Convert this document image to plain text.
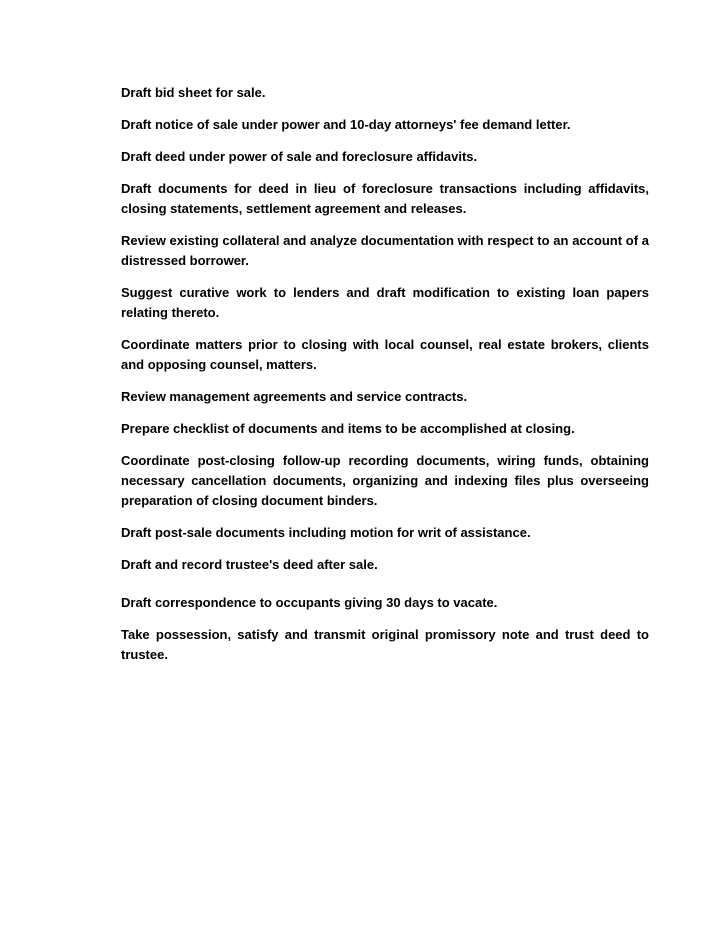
Draft bid sheet for sale.

Draft notice of sale under power and 10-day attorneys' fee demand letter.

Draft deed under power of sale and foreclosure affidavits.

Draft documents for deed in lieu of foreclosure transactions including affidavits, closing statements, settlement agreement and releases.

Review existing collateral and analyze documentation with respect to an account of a distressed borrower.

Suggest curative work to lenders and draft modification to existing loan papers relating thereto.

Coordinate matters prior to closing with local counsel, real estate brokers, clients and opposing counsel, matters.

Review management agreements and service contracts.

Prepare checklist of documents and items to be accomplished at closing.

Coordinate post-closing follow-up recording documents, wiring funds, obtaining necessary cancellation documents, organizing and indexing files plus overseeing preparation of closing document binders.

Draft post-sale documents including motion for writ of assistance.

Draft and record trustee's deed after sale.

Draft correspondence to occupants giving 30 days to vacate.

Take possession, satisfy and transmit original promissory note and trust deed to trustee.
